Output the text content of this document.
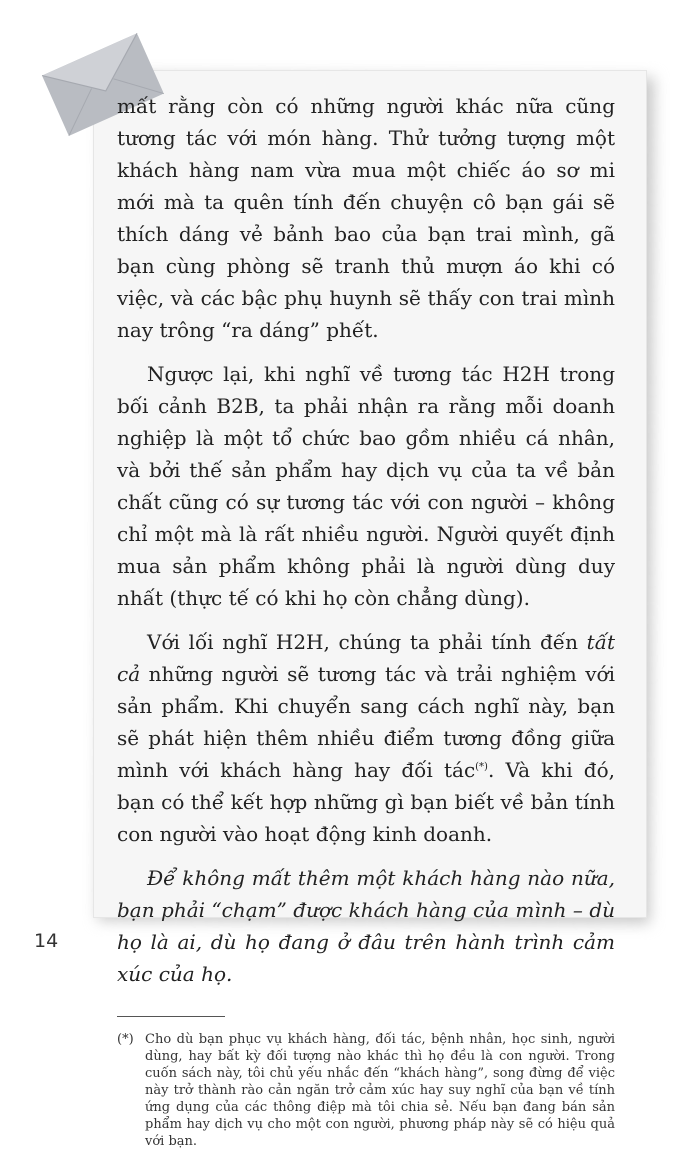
mất rằng còn có những người khác nữa cũng tương tác với món hàng. Thử tưởng tượng một khách hàng nam vừa mua một chiếc áo sơ mi mới mà ta quên tính đến chuyện cô bạn gái sẽ thích dáng vẻ bảnh bao của bạn trai mình, gã bạn cùng phòng sẽ tranh thủ mượn áo khi có việc, và các bậc phụ huynh sẽ thấy con trai mình nay trông “ra dáng” phết.

Ngược lại, khi nghĩ về tương tác H2H trong bối cảnh B2B, ta phải nhận ra rằng mỗi doanh nghiệp là một tổ chức bao gồm nhiều cá nhân, và bởi thế sản phẩm hay dịch vụ của ta về bản chất cũng có sự tương tác với con người – không chỉ một mà là rất nhiều người. Người quyết định mua sản phẩm không phải là người dùng duy nhất (thực tế có khi họ còn chẳng dùng).

Với lối nghĩ H2H, chúng ta phải tính đến tất cả những người sẽ tương tác và trải nghiệm với sản phẩm. Khi chuyển sang cách nghĩ này, bạn sẽ phát hiện thêm nhiều điểm tương đồng giữa mình với khách hàng hay đối tác(*). Và khi đó, bạn có thể kết hợp những gì bạn biết về bản tính con người vào hoạt động kinh doanh.

Để không mất thêm một khách hàng nào nữa, bạn phải “chạm” được khách hàng của mình – dù họ là ai, dù họ đang ở đâu trên hành trình cảm xúc của họ.

(*) Cho dù bạn phục vụ khách hàng, đối tác, bệnh nhân, học sinh, người dùng, hay bất kỳ đối tượng nào khác thì họ đều là con người. Trong cuốn sách này, tôi chủ yếu nhắc đến “khách hàng”, song đừng để việc này trở thành rào cản ngăn trở cảm xúc hay suy nghĩ của bạn về tính ứng dụng của các thông điệp mà tôi chia sẻ. Nếu bạn đang bán sản phẩm hay dịch vụ cho một con người, phương pháp này sẽ có hiệu quả với bạn.
14
